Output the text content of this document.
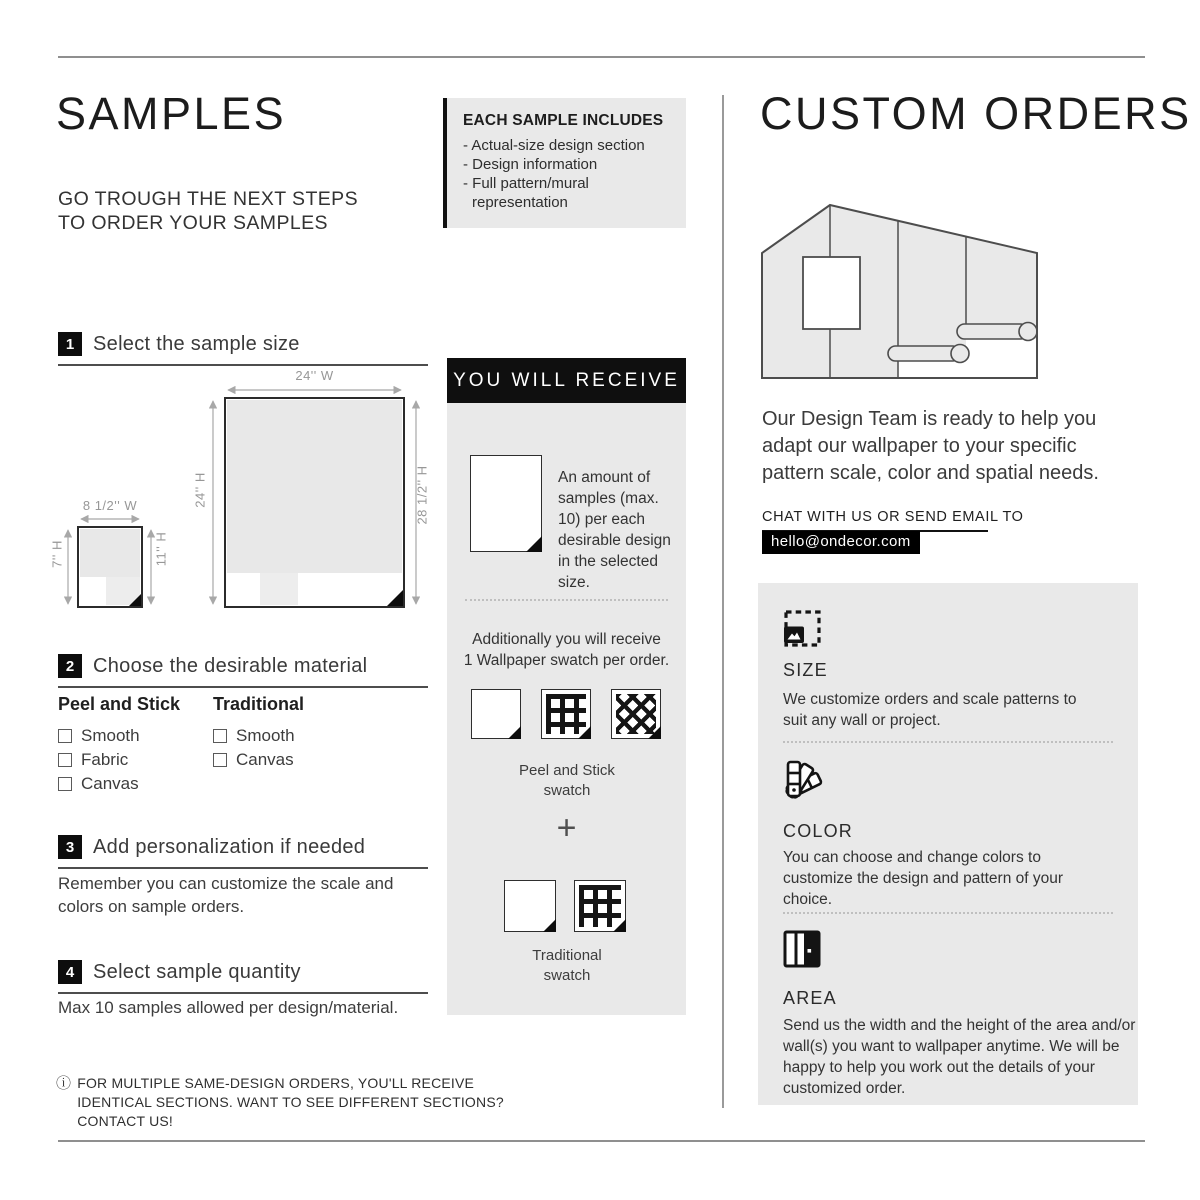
SAMPLES
GO TROUGH THE NEXT STEPS
TO ORDER YOUR SAMPLES
EACH SAMPLE INCLUDES
- Actual-size design section
- Design information
- Full pattern/mural representation
1 Select the sample size
24'' W
24'' H	28 1/2'' H
8 1/2'' W
7'' H	11'' H
2 Choose the desirable material
Peel and Stick
Smooth
Fabric
Canvas
Traditional
Smooth
Canvas
3 Add personalization if needed
Remember you can customize the scale and colors on sample orders.
4 Select sample quantity
Max 10 samples allowed per design/material.
ⓘ FOR MULTIPLE SAME-DESIGN ORDERS, YOU'LL RECEIVE IDENTICAL SECTIONS. WANT TO SEE DIFFERENT SECTIONS? CONTACT US!
YOU WILL RECEIVE
An amount of samples (max. 10) per each desirable design in the selected size.
Additionally you will receive
1 Wallpaper swatch per order.
Peel and Stick swatch
+
Traditional swatch
CUSTOM ORDERS
Our Design Team is ready to help you adapt our wallpaper to your specific pattern scale, color and spatial needs.
CHAT WITH US OR SEND EMAIL TO
hello@ondecor.com
SIZE
We customize orders and scale patterns to suit any wall or project.
COLOR
You can choose and change colors to customize the design and pattern of your choice.
AREA
Send us the width and the height of the area and/or wall(s) you want to wallpaper anytime. We will be happy to help you work out the details of your customized order.
